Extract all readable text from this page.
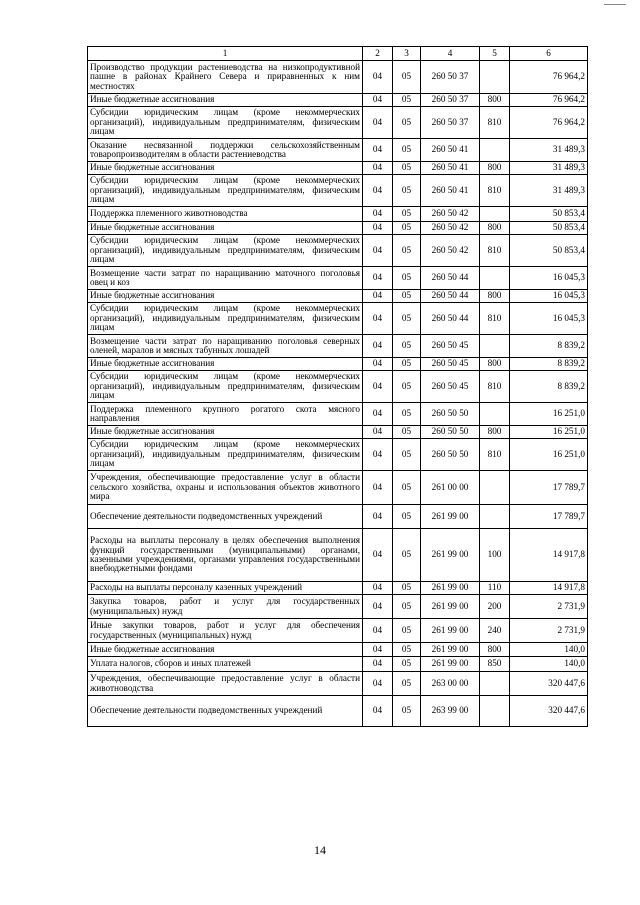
1	2	3	4	5	6
Производство продукции растениеводства на низкопродуктивной пашне в районах Крайнего Севера и приравненных к ним местностях	04	05	260 50 37		76 964,2
Иные бюджетные ассигнования	04	05	260 50 37	800	76 964,2
Субсидии юридическим лицам (кроме некоммерческих организаций), индивидуальным предпринимателям, физическим лицам	04	05	260 50 37	810	76 964,2
Оказание несвязанной поддержки сельскохозяйственным товаропроизводителям в области растениеводства	04	05	260 50 41		31 489,3
Иные бюджетные ассигнования	04	05	260 50 41	800	31 489,3
Субсидии юридическим лицам (кроме некоммерческих организаций), индивидуальным предпринимателям, физическим лицам	04	05	260 50 41	810	31 489,3
Поддержка племенного животноводства	04	05	260 50 42		50 853,4
Иные бюджетные ассигнования	04	05	260 50 42	800	50 853,4
Субсидии юридическим лицам (кроме некоммерческих организаций), индивидуальным предпринимателям, физическим лицам	04	05	260 50 42	810	50 853,4
Возмещение части затрат по наращиванию маточного поголовья овец и коз	04	05	260 50 44		16 045,3
Иные бюджетные ассигнования	04	05	260 50 44	800	16 045,3
Субсидии юридическим лицам (кроме некоммерческих организаций), индивидуальным предпринимателям, физическим лицам	04	05	260 50 44	810	16 045,3
Возмещение части затрат по наращиванию поголовья северных оленей, маралов и мясных табунных лошадей	04	05	260 50 45		8 839,2
Иные бюджетные ассигнования	04	05	260 50 45	800	8 839,2
Субсидии юридическим лицам (кроме некоммерческих организаций), индивидуальным предпринимателям, физическим лицам	04	05	260 50 45	810	8 839,2
Поддержка племенного крупного рогатого скота мясного направления	04	05	260 50 50		16 251,0
Иные бюджетные ассигнования	04	05	260 50 50	800	16 251,0
Субсидии юридическим лицам (кроме некоммерческих организаций), индивидуальным предпринимателям, физическим лицам	04	05	260 50 50	810	16 251,0
Учреждения, обеспечивающие предоставление услуг в области сельского хозяйства, охраны и использования объектов животного мира	04	05	261 00 00		17 789,7
Обеспечение деятельности подведомственных учреждений	04	05	261 99 00		17 789,7
Расходы на выплаты персоналу в целях обеспечения выполнения функций государственными (муниципальными) органами, казенными учреждениями, органами управления государственными внебюджетными фондами	04	05	261 99 00	100	14 917,8
Расходы на выплаты персоналу казенных учреждений	04	05	261 99 00	110	14 917,8
Закупка товаров, работ и услуг для государственных (муниципальных) нужд	04	05	261 99 00	200	2 731,9
Иные закупки товаров, работ и услуг для обеспечения государственных (муниципальных) нужд	04	05	261 99 00	240	2 731,9
Иные бюджетные ассигнования	04	05	261 99 00	800	140,0
Уплата налогов, сборов и иных платежей	04	05	261 99 00	850	140,0
Учреждения, обеспечивающие предоставление услуг в области животноводства	04	05	263 00 00		320 447,6
Обеспечение деятельности подведомственных учреждений	04	05	263 99 00		320 447,6
14
